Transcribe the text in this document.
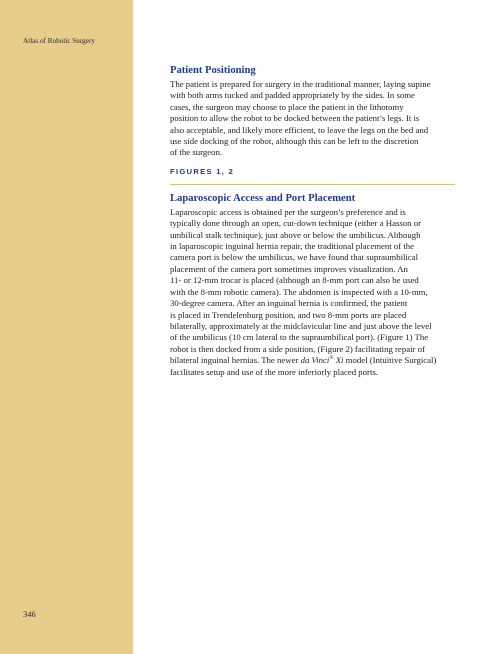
Atlas of Robotic Surgery
346
Patient Positioning
The patient is prepared for surgery in the traditional manner, laying supine
with both arms tucked and padded appropriately by the sides. In some
cases, the surgeon may choose to place the patient in the lithotomy
position to allow the robot to be docked between the patient’s legs. It is
also acceptable, and likely more efficient, to leave the legs on the bed and
use side docking of the robot, although this can be left to the discretion
of the surgeon.
FIGURES 1, 2
Laparoscopic Access and Port Placement
Laparoscopic access is obtained per the surgeon’s preference and is
typically done through an open, cut-down technique (either a Hasson or
umbilical stalk technique), just above or below the umbilicus. Although
in laparoscopic inguinal hernia repair, the traditional placement of the
camera port is below the umbilicus, we have found that supraumbilical
placement of the camera port sometimes improves visualization. An
11- or 12-mm trocar is placed (although an 8-mm port can also be used
with the 8-mm robotic camera). The abdomen is inspected with a 10-mm,
30-degree camera. After an inguinal hernia is confirmed, the patient
is placed in Trendelenburg position, and two 8-mm ports are placed
bilaterally, approximately at the midclavicular line and just above the level
of the umbilicus (10 cm lateral to the supraumbilical port). (Figure 1) The
robot is then docked from a side position, (Figure 2) facilitating repair of
bilateral inguinal hernias. The newer da Vinci® Xi model (Intuitive Surgical)
facilitates setup and use of the more inferiorly placed ports.
